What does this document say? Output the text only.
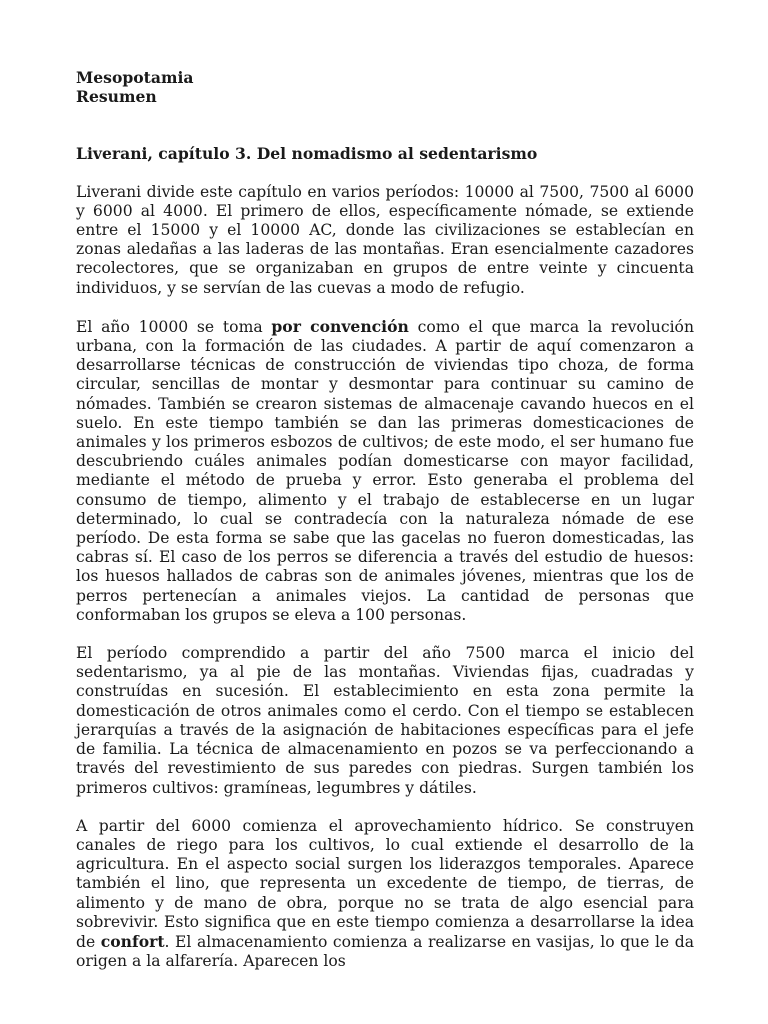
Mesopotamia

Resumen

Liverani, capítulo 3. Del nomadismo al sedentarismo

Liverani divide este capítulo en varios períodos: 10000 al 7500, 7500 al 6000 y 6000 al 4000. El primero de ellos, específicamente nómade, se extiende entre el 15000 y el 10000 AC, donde las civilizaciones se establecían en zonas aledañas a las laderas de las montañas. Eran esencialmente cazadores recolectores, que se organizaban en grupos de entre veinte y cincuenta individuos, y se servían de las cuevas a modo de refugio.

El año 10000 se toma por convención como el que marca la revolución urbana, con la formación de las ciudades. A partir de aquí comenzaron a desarrollarse técnicas de construcción de viviendas tipo choza, de forma circular, sencillas de montar y desmontar para continuar su camino de nómades. También se crearon sistemas de almacenaje cavando huecos en el suelo. En este tiempo también se dan las primeras domesticaciones de animales y los primeros esbozos de cultivos; de este modo, el ser humano fue descubriendo cuáles animales podían domesticarse con mayor facilidad, mediante el método de prueba y error. Esto generaba el problema del consumo de tiempo, alimento y el trabajo de establecerse en un lugar determinado, lo cual se contradecía con la naturaleza nómade de ese período. De esta forma se sabe que las gacelas no fueron domesticadas, las cabras sí. El caso de los perros se diferencia a través del estudio de huesos: los huesos hallados de cabras son de animales jóvenes, mientras que los de perros pertenecían a animales viejos. La cantidad de personas que conformaban los grupos se eleva a 100 personas.

El período comprendido a partir del año 7500 marca el inicio del sedentarismo, ya al pie de las montañas. Viviendas fijas, cuadradas y construídas en sucesión. El establecimiento en esta zona permite la domesticación de otros animales como el cerdo. Con el tiempo se establecen jerarquías a través de la asignación de habitaciones específicas para el jefe de familia. La técnica de almacenamiento en pozos se va perfeccionando a través del revestimiento de sus paredes con piedras. Surgen también los primeros cultivos: gramíneas, legumbres y dátiles.

A partir del 6000 comienza el aprovechamiento hídrico. Se construyen canales de riego para los cultivos, lo cual extiende el desarrollo de la agricultura. En el aspecto social surgen los liderazgos temporales. Aparece también el lino, que representa un excedente de tiempo, de tierras, de alimento y de mano de obra, porque no se trata de algo esencial para sobrevivir. Esto significa que en este tiempo comienza a desarrollarse la idea de confort. El almacenamiento comienza a realizarse en vasijas, lo que le da origen a la alfarería. Aparecen los
